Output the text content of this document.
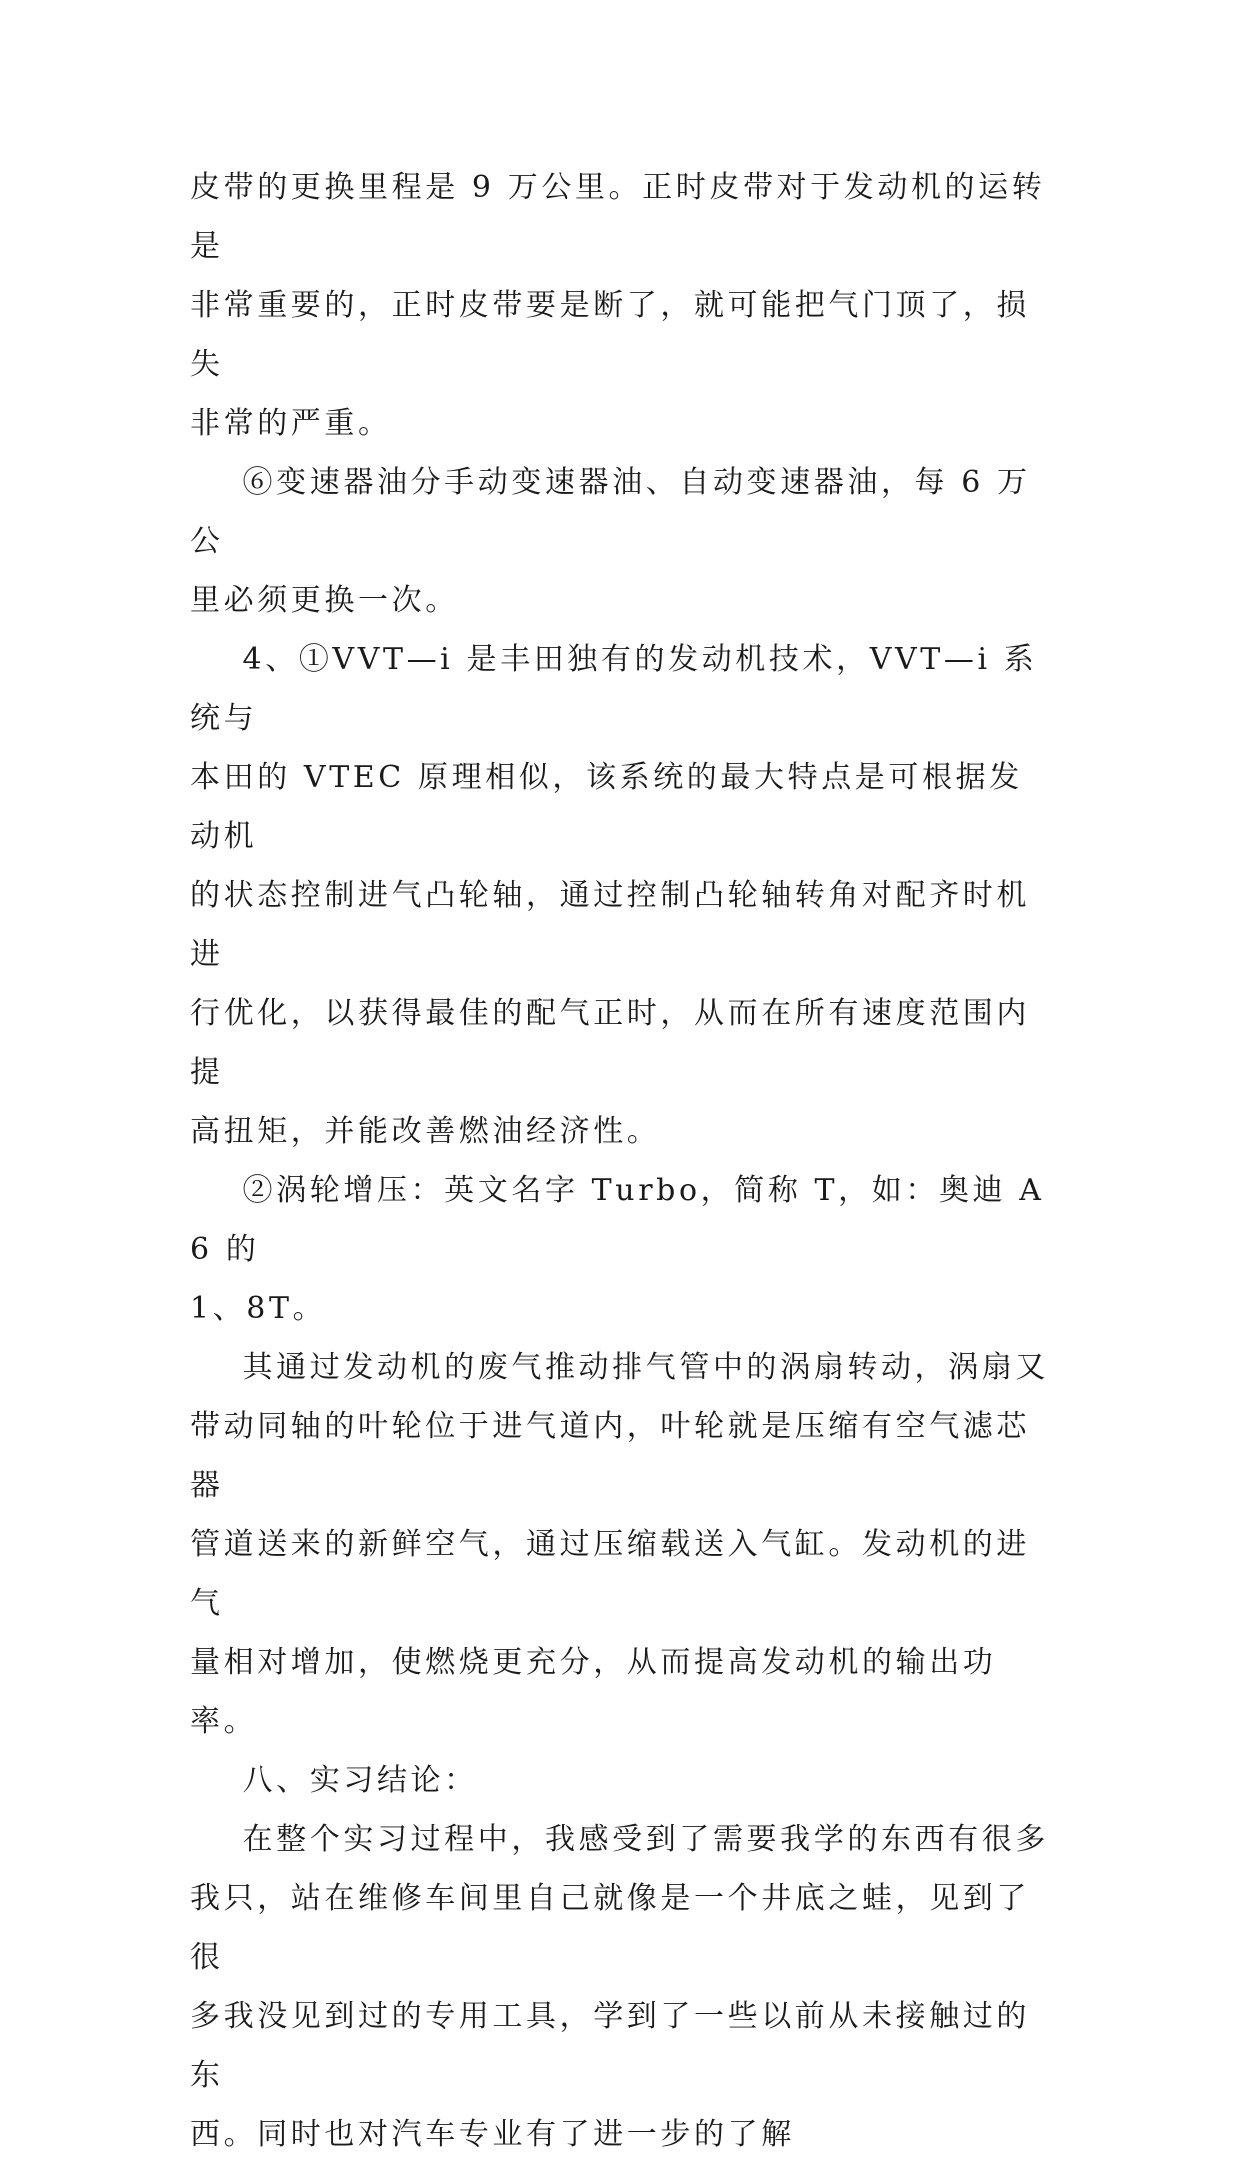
皮带的更换里程是 9 万公里。正时皮带对于发动机的运转是

非常重要的，正时皮带要是断了，就可能把气门顶了，损失

非常的严重。

⑥变速器油分手动变速器油、自动变速器油，每 6 万公

里必须更换一次。

4、①VVT—i 是丰田独有的发动机技术，VVT—i 系统与

本田的 VTEC 原理相似，该系统的最大特点是可根据发动机

的状态控制进气凸轮轴，通过控制凸轮轴转角对配齐时机进

行优化，以获得最佳的配气正时，从而在所有速度范围内提

高扭矩，并能改善燃油经济性。

②涡轮增压：英文名字 Turbo，简称 T，如：奥迪 A6 的

1、8T。

其通过发动机的废气推动排气管中的涡扇转动，涡扇又

带动同轴的叶轮位于进气道内，叶轮就是压缩有空气滤芯器

管道送来的新鲜空气，通过压缩载送入气缸。发动机的进气

量相对增加，使燃烧更充分，从而提高发动机的输出功率。

八、实习结论：

在整个实习过程中，我感受到了需要我学的东西有很多

我只，站在维修车间里自己就像是一个井底之蛙，见到了很

多我没见到过的专用工具，学到了一些以前从未接触过的东

西。同时也对汽车专业有了进一步的了解
